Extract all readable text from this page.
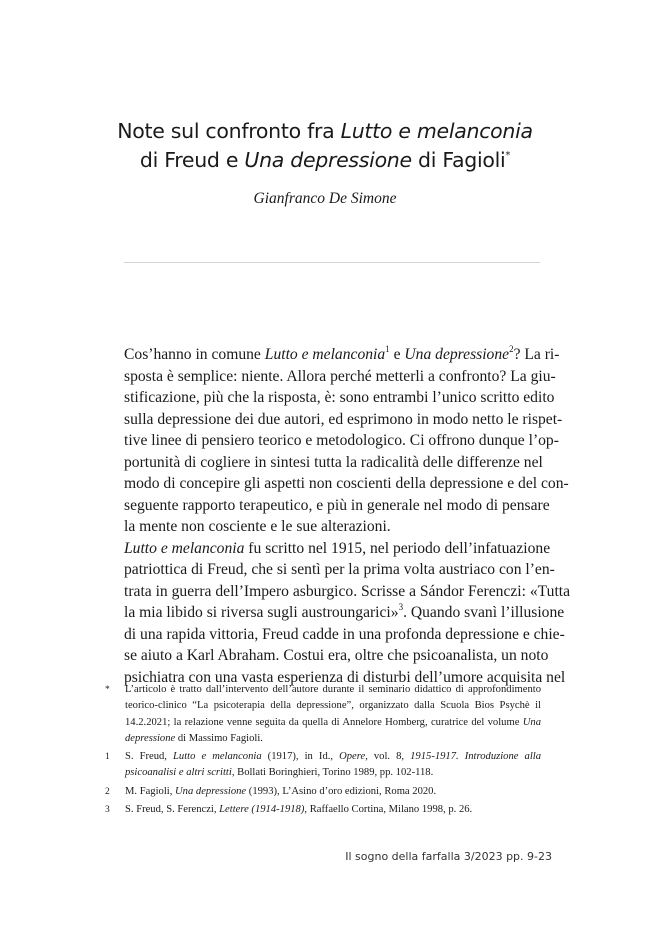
Note sul confronto fra Lutto e melanconia

di Freud e Una depressione di Fagioli*

Gianfranco De Simone

Cos’hanno in comune Lutto e melanconia$^1$ e Una depressione$^2$? La ri-
sposta è semplice: niente. Allora perché metterli a confronto? La giu-
stificazione, più che la risposta, è: sono entrambi l’unico scritto edito
sulla depressione dei due autori, ed esprimono in modo netto le rispet-
tive linee di pensiero teorico e metodologico. Ci offrono dunque l’op-
portunità di cogliere in sintesi tutta la radicalità delle differenze nel
modo di concepire gli aspetti non coscienti della depressione e del con-
seguente rapporto terapeutico, e più in generale nel modo di pensare
la mente non cosciente e le sue alterazioni.

Lutto e melanconia fu scritto nel 1915, nel periodo dell’infatuazione
patriottica di Freud, che si sentì per la prima volta austriaco con l’en-
trata in guerra dell’Impero asburgico. Scrisse a Sándor Ferenczi: «Tutta
la mia libido si riversa sugli austroungarici»$^3$. Quando svanì l’illusione
di una rapida vittoria, Freud cadde in una profonda depressione e chie-
se aiuto a Karl Abraham. Costui era, oltre che psicoanalista, un noto
psichiatra con una vasta esperienza di disturbi dell’umore acquisita nel

*	L’articolo è tratto dall’intervento dell’autore durante il seminario didattico di approfondimento teorico-clinico “La psicoterapia della depressione”, organizzato dalla Scuola Bios Psychè il 14.2.2021; la relazione venne seguita da quella di Annelore Homberg, curatrice del volume Una depressione di Massimo Fagioli.
1	S. Freud, Lutto e melanconia (1917), in Id., Opere, vol. 8, 1915-1917. Introduzione alla psicoanalisi e altri scritti, Bollati Boringhieri, Torino 1989, pp. 102-118.
2	M. Fagioli, Una depressione (1993), L’Asino d’oro edizioni, Roma 2020.
3	S. Freud, S. Ferenczi, Lettere (1914-1918), Raffaello Cortina, Milano 1998, p. 26.
Il sogno della farfalla 3/2023 pp. 9-23
